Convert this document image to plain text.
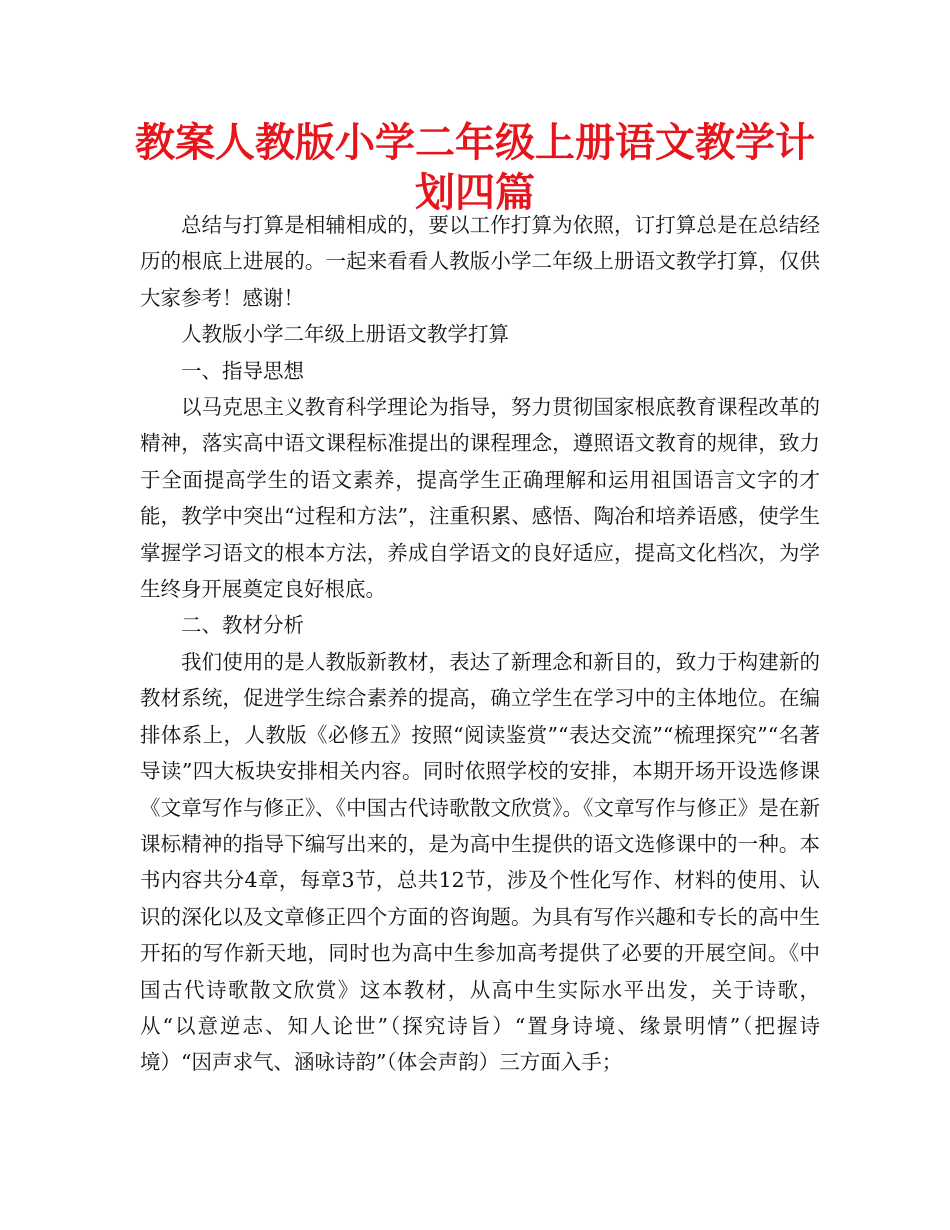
教案人教版小学二年级上册语文教学计划四篇

总结与打算是相辅相成的，要以工作打算为依照，订打算总是在总结经历的根底上进展的。一起来看看人教版小学二年级上册语文教学打算，仅供大家参考！感谢！

人教版小学二年级上册语文教学打算

一、指导思想

以马克思主义教育科学理论为指导，努力贯彻国家根底教育课程改革的精神，落实高中语文课程标准提出的课程理念，遵照语文教育的规律，致力于全面提高学生的语文素养，提高学生正确理解和运用祖国语言文字的才能，教学中突出“过程和方法”，注重积累、感悟、陶冶和培养语感，使学生掌握学习语文的根本方法，养成自学语文的良好适应，提高文化档次，为学生终身开展奠定良好根底。

二、教材分析

我们使用的是人教版新教材，表达了新理念和新目的，致力于构建新的教材系统，促进学生综合素养的提高，确立学生在学习中的主体地位。在编排体系上，人教版《必修五》按照“阅读鉴赏”“表达交流”“梳理探究”“名著导读”四大板块安排相关内容。同时依照学校的安排，本期开场开设选修课《文章写作与修正》、《中国古代诗歌散文欣赏》。《文章写作与修正》是在新课标精神的指导下编写出来的，是为高中生提供的语文选修课中的一种。本书内容共分4章，每章3节，总共12节，涉及个性化写作、材料的使用、认识的深化以及文章修正四个方面的咨询题。为具有写作兴趣和专长的高中生开拓的写作新天地，同时也为高中生参加高考提供了必要的开展空间。《中国古代诗歌散文欣赏》这本教材，从高中生实际水平出发，关于诗歌，从“以意逆志、知人论世”（探究诗旨）“置身诗境、缘景明情”（把握诗境）“因声求气、涵咏诗韵”（体会声韵）三方面入手；
